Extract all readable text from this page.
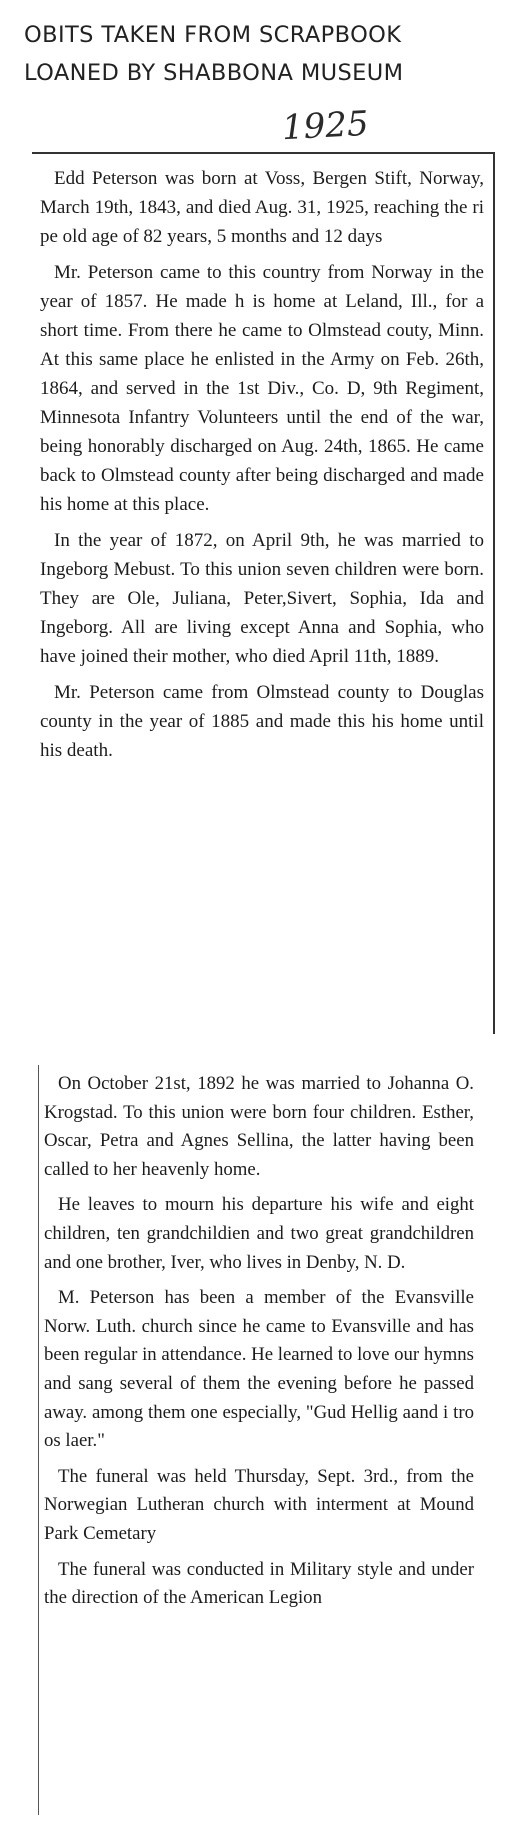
OBITS TAKEN FROM SCRAPBOOK
LOANED BY SHABBONA MUSEUM
1925

Edd Peterson was born at Voss, Bergen Stift, Norway, March 19th, 1843, and died Aug. 31, 1925, reaching the ri pe old age of 82 years, 5 months and 12 days

Mr. Peterson came to this country from Norway in the year of 1857. He made h is home at Leland, Ill., for a short time. From there he came to Olmstead couty, Minn. At this same place he enlisted in the Army on Feb. 26th, 1864, and served in the 1st Div., Co. D, 9th Regiment, Minnesota Infantry Volunteers until the end of the war, being honorably discharged on Aug. 24th, 1865. He came back to Olmstead county after being discharged and made his home at this place.

In the year of 1872, on April 9th, he was married to Ingeborg Mebust. To this union seven children were born. They are Ole, Juliana, Peter,Sivert, Sophia, Ida and Ingeborg. All are living except Anna and Sophia, who have joined their mother, who died April 11th, 1889.

Mr. Peterson came from Olmstead county to Douglas county in the year of 1885 and made this his home until his death.

On October 21st, 1892 he was married to Johanna O. Krogstad. To this union were born four children. Esther, Oscar, Petra and Agnes Sellina, the latter having been called to her heavenly home.

He leaves to mourn his departure his wife and eight children, ten grandchildien and two great grandchildren and one brother, Iver, who lives in Denby, N. D.

M. Peterson has been a member of the Evansville Norw. Luth. church since he came to Evansville and has been regular in attendance. He learned to love our hymns and sang several of them the evening before he passed away. among them one especially, "Gud Hellig aand i tro os laer."

The funeral was held Thursday, Sept. 3rd., from the Norwegian Lutheran church with interment at Mound Park Cemetary

The funeral was conducted in Military style and under the direction of the American Legion
